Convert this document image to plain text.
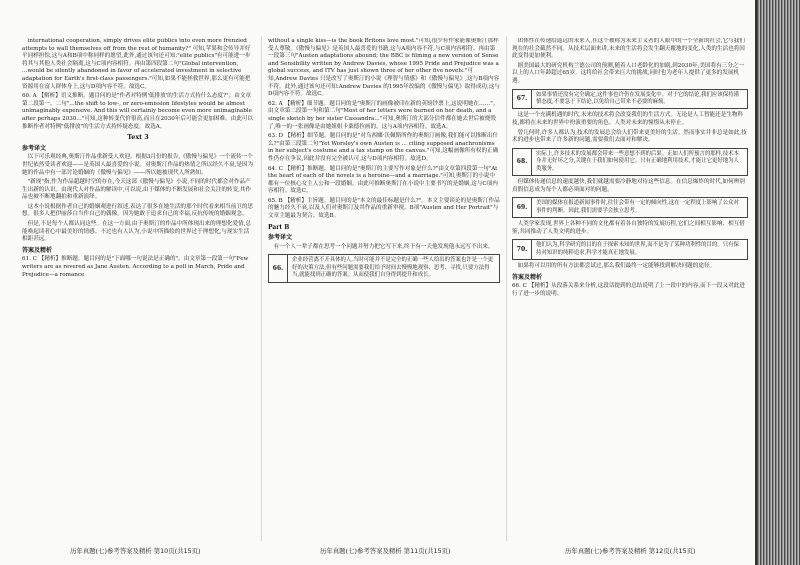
international cooperation, simply drives elite publics into even more frenzied attempts to wall themselves off from the rest of humanity?" 可知,苹果和会传导并好平同样担惊,这与A和B项中称同样的愿望,此外,通过该句还可知:"elite publics"有可能进一步将其与其他人类社会隔离,这与C项内容相符。再由第四段第二句"Global intervention, ...would be silently abandoned in favor of accelerated investment in selective adaptation for Earth's first-class passengers."可知,如果不能拯救世界,那么更有可能把资源用在富人群体身上,这与D项内容不符。故选C。

60. A 【解析】语义推断。题目问的是"作者对特例'低排放'的生活方式持什么态度?"。由文章第二段第一、二句"...the shift to low-, or zero-emission lifestyles would be almost unimaginably expensive. And this will certainly become even more unimaginable after perhaps 2030..."可知,这种转变代价很高,而且在2030年后可能会更加困难。由此可以推断作者对特例"低排放"的生活方式持怀疑态度。故选A。

Text 3
参考译文

以下可乐观经典,奥斯汀作品重新受人欢迎。根据3月份的报告,《傲慢与偏见》一个流传一个世纪依然受读者欢迎——是英国人最喜爱的小说。对奥斯汀作品的热情之所以经久不衰,是因为她的作品中有一部讨论婚姻的《傲慢与偏见》——所以她被现代人所熟知。

"新现"指,作为作品超越时空的存在,今天这部《傲慢与偏见》小说,不同的时代都会对作品产生出新的认识。由现代人对作品的解读中,可以说,由于媒体的不断发展和社会关注的转变,其作品也被不断地翻拍和重新演绎。

这本小说根据作者自己的婚姻观进行叙述,表达了很多在她生活的那个时代看来相当前卫的思想。很多人把伊丽莎白当作自己的偶像。因为她敢于追求自己的幸福,反抗传统的婚姻观念。

但是,不是每个人都认同这些。在这一方面,由于奥斯汀的作品中所体现出来的理想化爱情,总能唤起读者心中最美好的情感。不过也有人认为,小说中所描绘的世界过于理想化,与现实生活相距甚远。

答案及精析

61. C 【精析】推断题。题目问的是"下面哪一句说法是正确的"。由文章第一段第一句"Few writers are as revered as Jane Austen. According to a poll in March, Pride and Prejudice—a romance

without a single kiss—is the book Britons love most."可知,很少有作家能像奥斯汀那样受人尊敬。《傲慢与偏见》是英国人最喜爱的书籍,这与A项内容不符,与C项内容相符。再由第一段第三句"Austen adaptations abound; the BBC is filming a new version of Sense and Sensibility written by Andrew Davies, whose 1995 Pride and Prejudice was a global success, and ITV has just shown three of her other five novels."可知,Andrew Davies 只是改写了奥斯汀的小说《理智与情感》和《傲慢与偏见》,这与B项内容不符。此外,通过该句还可知:Andrew Davies 的1995年改编的《傲慢与偏见》取得成功,这与D项内容不符。故选C。

62. A 【精析】细节题。题目问的是"奥斯汀的画像被印在新的英镑钞票上,这说明她在……"。由文章第二段第一句和第二句"Most of her letters were burned on her death, and a single sketch by her sister Cassandra..."可知,奥斯汀的大部分信件都在她去世后被烧毁了,唯一的一张画像是由她姐姐卡桑德拉画的。这与A项内容相符。故选A。

63. D 【精析】细节题。题目问的是"对乌西娜·沃佩斯所作的奥斯汀画像,我们能可以推断出什么?"由第三段第二句"Yet Worsley's own Austen is ... citing supposed anachronisms in her subject's costume and a tax stamp on the canvas."可知,这幅画像所有权的正确性仍存在争议,因此并没有完全被认可,这与D项内容相符。故选D。

64. C 【精析】推断题。题目问的是"奥斯汀的主要写作对象是什么?"由文章第四段第一句"At the heart of each of the novels is a heroine—and a marriage."可知,奥斯汀的小说中都有一位核心女主人公和一段婚姻。由此可推断奥斯汀在小说中主要书写的是婚姻,这与C项内容相符。故选C。

65. B 【精析】主旨题。题目问的是"本文的最佳标题是什么?"。本文主要谈论的是奥斯汀作品的魅力经久不衰,以及人们对奥斯汀及其作品的重新审视。B项"Austen and Her Portrait"与文章主题最为契合。故选B。

Part B
参考译文

有一个人一辈子都在思考一个问题并努力把它写下来,终于有一天他发现他永远写不出来。

66.
企业经营离不开具体的人,当时可能并不是完全的正确一些人给出的答案也许是一个更好的决策方法,但有些问题需要我们给予时间去慢慢地观察、思考、寻找,只要方法得当,就能找到正确的答案。从而使我们自身得到提升和成长。

团体性在传递给遥远的未来人,在这个被称为未来主义者的人眼中的一个全新的社会,它与我们现在的社会截然不同。从技术层面来讲,未来的生活将会发生翻天覆地的变化,人类的生活也将因此变得更加便利。

据美国最大的研究机构兰德公司的预测,随着人口老龄化的加剧,到2030年,美国将有三分之一以上的人口年龄超过65岁。这将给社会带来巨大的挑战,同时也为老年人提供了更多的发展机遇。

67.
如果事情还没有完全确定,这件事也许仍在发展变化中。对于它的结论,我们应该保持谨慎态度,不要急于下结论,以免给自己带来不必要的麻烦。

这是一个充满机遇的时代,未来的技术将会改变我们的生活方式。无论是人工智能还是生物科技,都将在未来的世界中扮演重要的角色。人类对未来的憧憬从未停止。

曾几何时,许多人都认为,技术的发展总会给人们带来更美好的生活。然而事实并非总是如此,技术的进步也带来了许多新的问题,需要我们去面对和解决。

68.
实际上,许多技术的发展都会带来一些意想不到的后果。正如人们所预言的那样,技术本身并无好坏之分,关键在于我们如何使用它。只有正确地利用技术,才能让它更好地为人类服务。

但媒体传递信息的速度越快,我们就越需要冷静地对待这些信息。在信息爆炸的时代,如何辨别真假信息成为每个人都必须面对的问题。

69.
美国的媒体在报道新闻事件时,往往会带有一定的倾向性,这在一定程度上影响了公众对事件的判断。因此,我们需要学会独立思考。

人类学家发现,世界上各种不同的文化都有着各自独特的发展历程,它们之间相互影响、相互借鉴,共同推动了人类文明的进步。

70.
他们认为,科学研究的目的在于探索未知的世界,而不是为了某种功利性的目的。只有保持对知识的纯粹追求,科学才能真正地发展。

如果将可以用的所有方法都尝试过,那么我们最终一定能够找到解决问题的途径。

答案及精析

66. C 【精析】从段落关系来分析,这段话提到的总结说明了上一段中的内容,而下一段又对此进行了进一步的说明。

历年真题(七)参考答案及精析 第10页(共15页)	历年真题(七)参考答案及精析 第11页(共15页)	历年真题(七)参考答案及精析 第12页(共15页)
